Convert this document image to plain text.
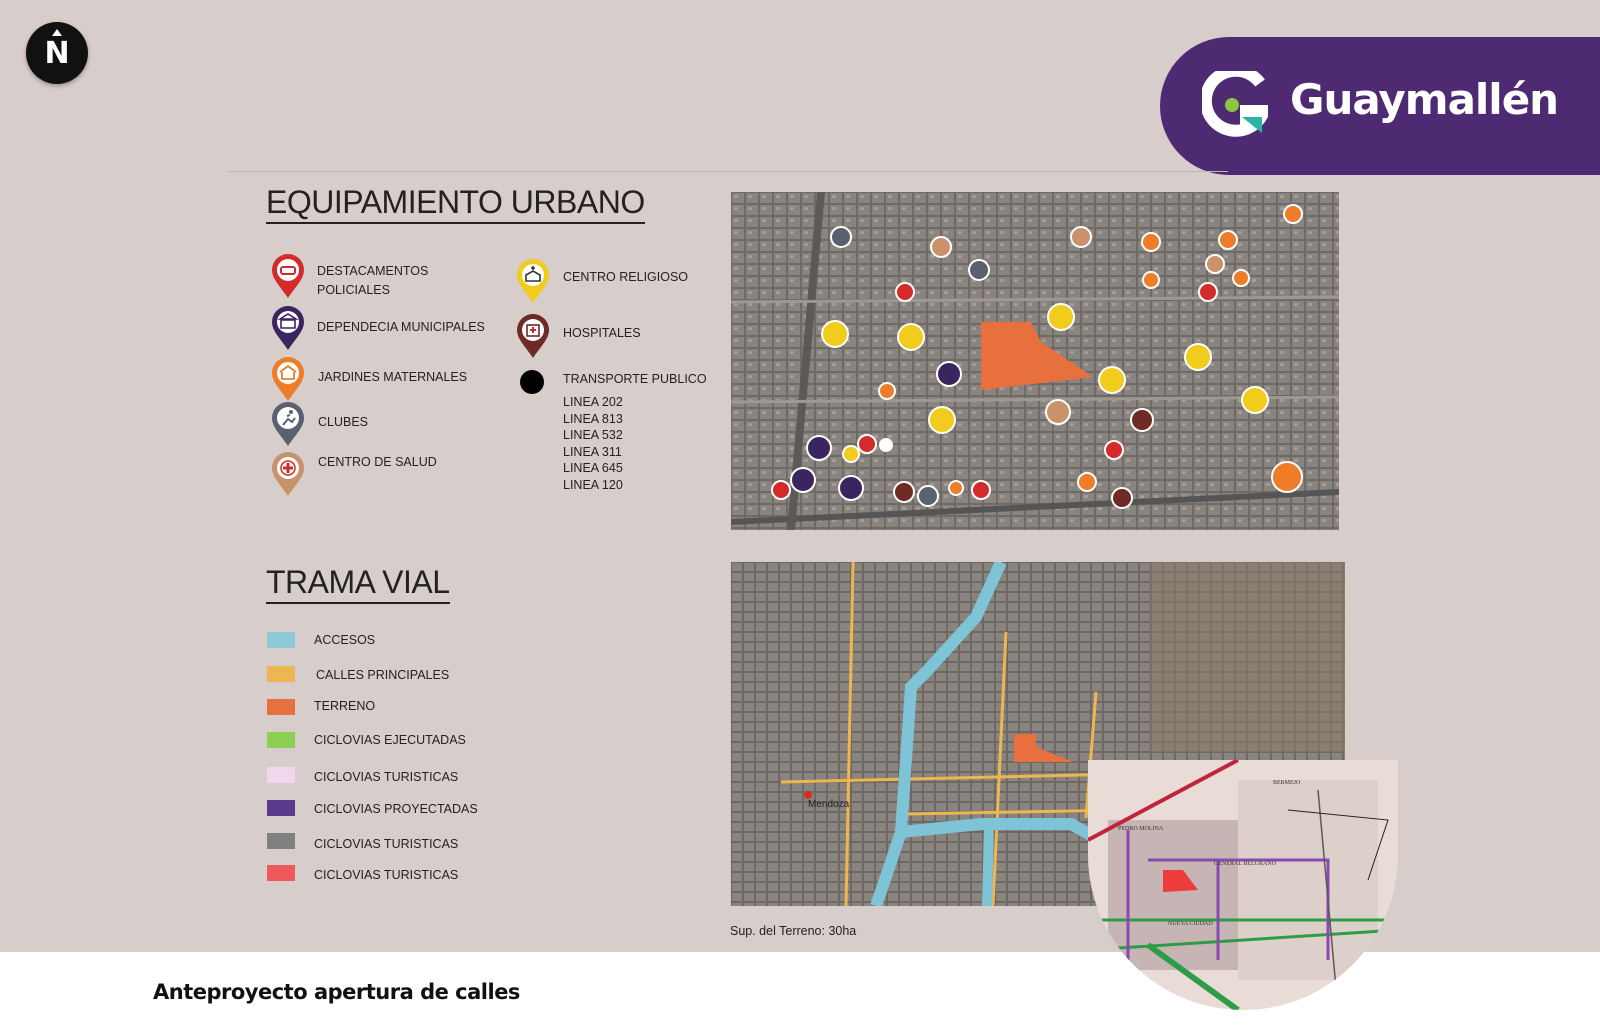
N
Guaymallén
EQUIPAMIENTO URBANO
DESTACAMENTOS
POLICIALES
DEPENDECIA MUNICIPALES
JARDINES MATERNALES
CLUBES
CENTRO DE SALUD
CENTRO RELIGIOSO
HOSPITALES
TRANSPORTE PUBLICO
LINEA 202
LINEA 813
LINEA 532
LINEA 311
LINEA 645
LINEA 120
TRAMA VIAL
ACCESOS
CALLES PRINCIPALES
TERRENO
CICLOVIAS EJECUTADAS
CICLOVIAS TURISTICAS
CICLOVIAS PROYECTADAS
CICLOVIAS TURISTICAS
CICLOVIAS TURISTICAS
Mendoza
BERMEJO
PEDRO MOLINA
GENERAL BELGRANO
NUEVA CIUDAD
Sup. del Terreno: 30ha
Anteproyecto apertura de calles
